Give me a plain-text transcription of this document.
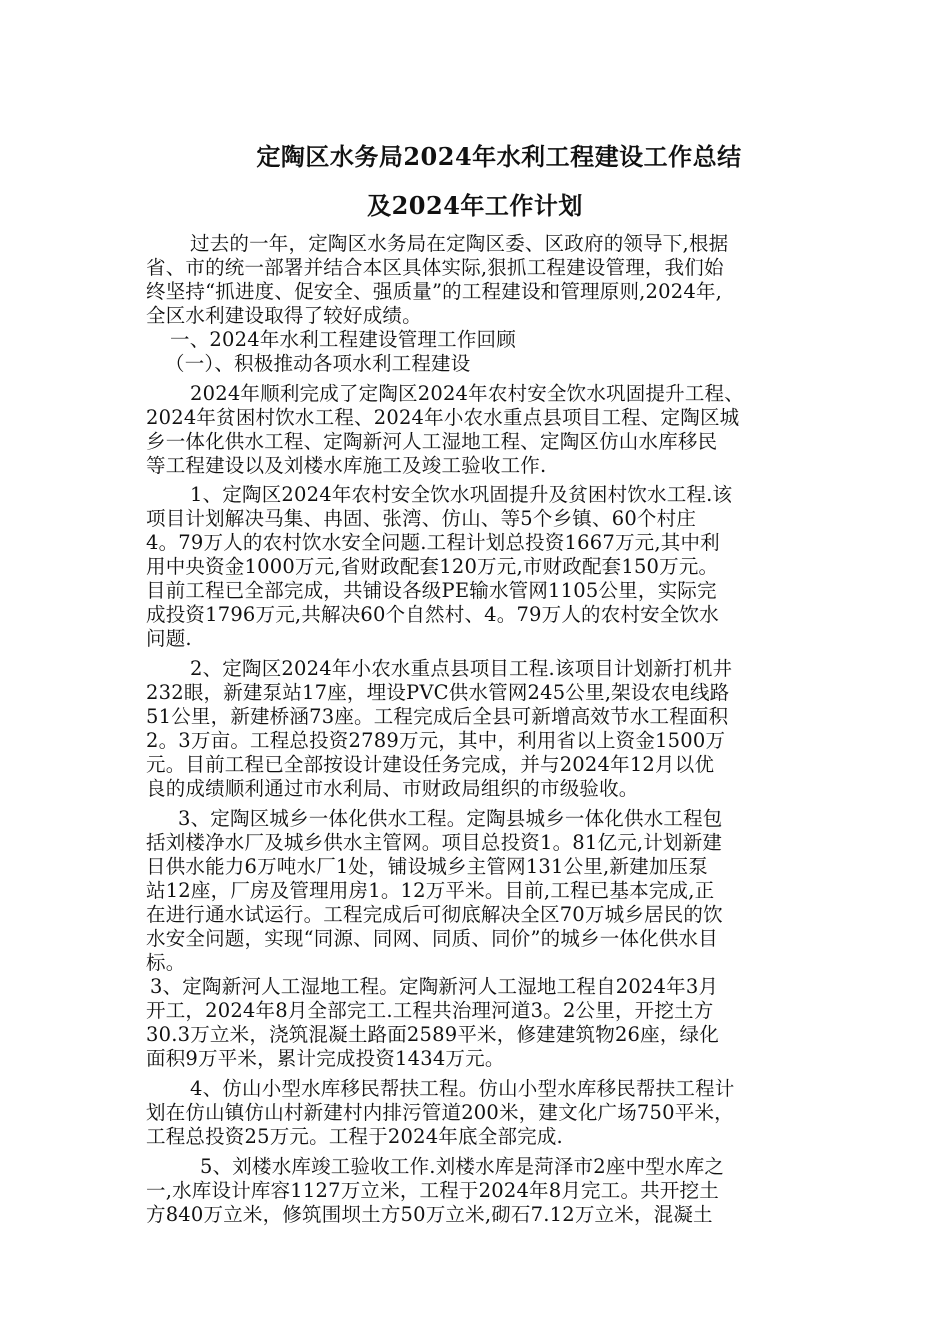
定陶区水务局2024年水利工程建设工作总结
及2024年工作计划
过去的一年，定陶区水务局在定陶区委、区政府的领导下,根据
省、市的统一部署并结合本区具体实际,狠抓工程建设管理，我们始
终坚持“抓进度、促安全、强质量”的工程建设和管理原则,2024年,
全区水利建设取得了较好成绩。
一、2024年水利工程建设管理工作回顾
（一）、积极推动各项水利工程建设
2024年顺利完成了定陶区2024年农村安全饮水巩固提升工程、
2024年贫困村饮水工程、2024年小农水重点县项目工程、定陶区城
乡一体化供水工程、定陶新河人工湿地工程、定陶区仿山水库移民
等工程建设以及刘楼水库施工及竣工验收工作.
1、定陶区2024年农村安全饮水巩固提升及贫困村饮水工程.该
项目计划解决马集、冉固、张湾、仿山、等5个乡镇、60个村庄
4。79万人的农村饮水安全问题.工程计划总投资1667万元,其中利
用中央资金1000万元,省财政配套120万元,市财政配套150万元。
目前工程已全部完成，共铺设各级PE输水管网1105公里，实际完
成投资1796万元,共解决60个自然村、4。79万人的农村安全饮水
问题.
2、定陶区2024年小农水重点县项目工程.该项目计划新打机井
232眼，新建泵站17座，埋设PVC供水管网245公里,架设农电线路
51公里，新建桥涵73座。工程完成后全县可新增高效节水工程面积
2。3万亩。工程总投资2789万元，其中，利用省以上资金1500万
元。目前工程已全部按设计建设任务完成，并与2024年12月以优
良的成绩顺利通过市水利局、市财政局组织的市级验收。
3、定陶区城乡一体化供水工程。定陶县城乡一体化供水工程包
括刘楼净水厂及城乡供水主管网。项目总投资1。81亿元,计划新建
日供水能力6万吨水厂1处，铺设城乡主管网131公里,新建加压泵
站12座，厂房及管理用房1。12万平米。目前,工程已基本完成,正
在进行通水试运行。工程完成后可彻底解决全区70万城乡居民的饮
水安全问题，实现“同源、同网、同质、同价”的城乡一体化供水目
标。
3、定陶新河人工湿地工程。定陶新河人工湿地工程自2024年3月
开工，2024年8月全部完工.工程共治理河道3。2公里，开挖土方
30.3万立米，浇筑混凝土路面2589平米，修建建筑物26座，绿化
面积9万平米，累计完成投资1434万元。
4、仿山小型水库移民帮扶工程。仿山小型水库移民帮扶工程计
划在仿山镇仿山村新建村内排污管道200米，建文化广场750平米，
工程总投资25万元。工程于2024年底全部完成.
5、刘楼水库竣工验收工作.刘楼水库是菏泽市2座中型水库之
一,水库设计库容1127万立米，工程于2024年8月完工。共开挖土
方840万立米，修筑围坝土方50万立米,砌石7.12万立米，混凝土
